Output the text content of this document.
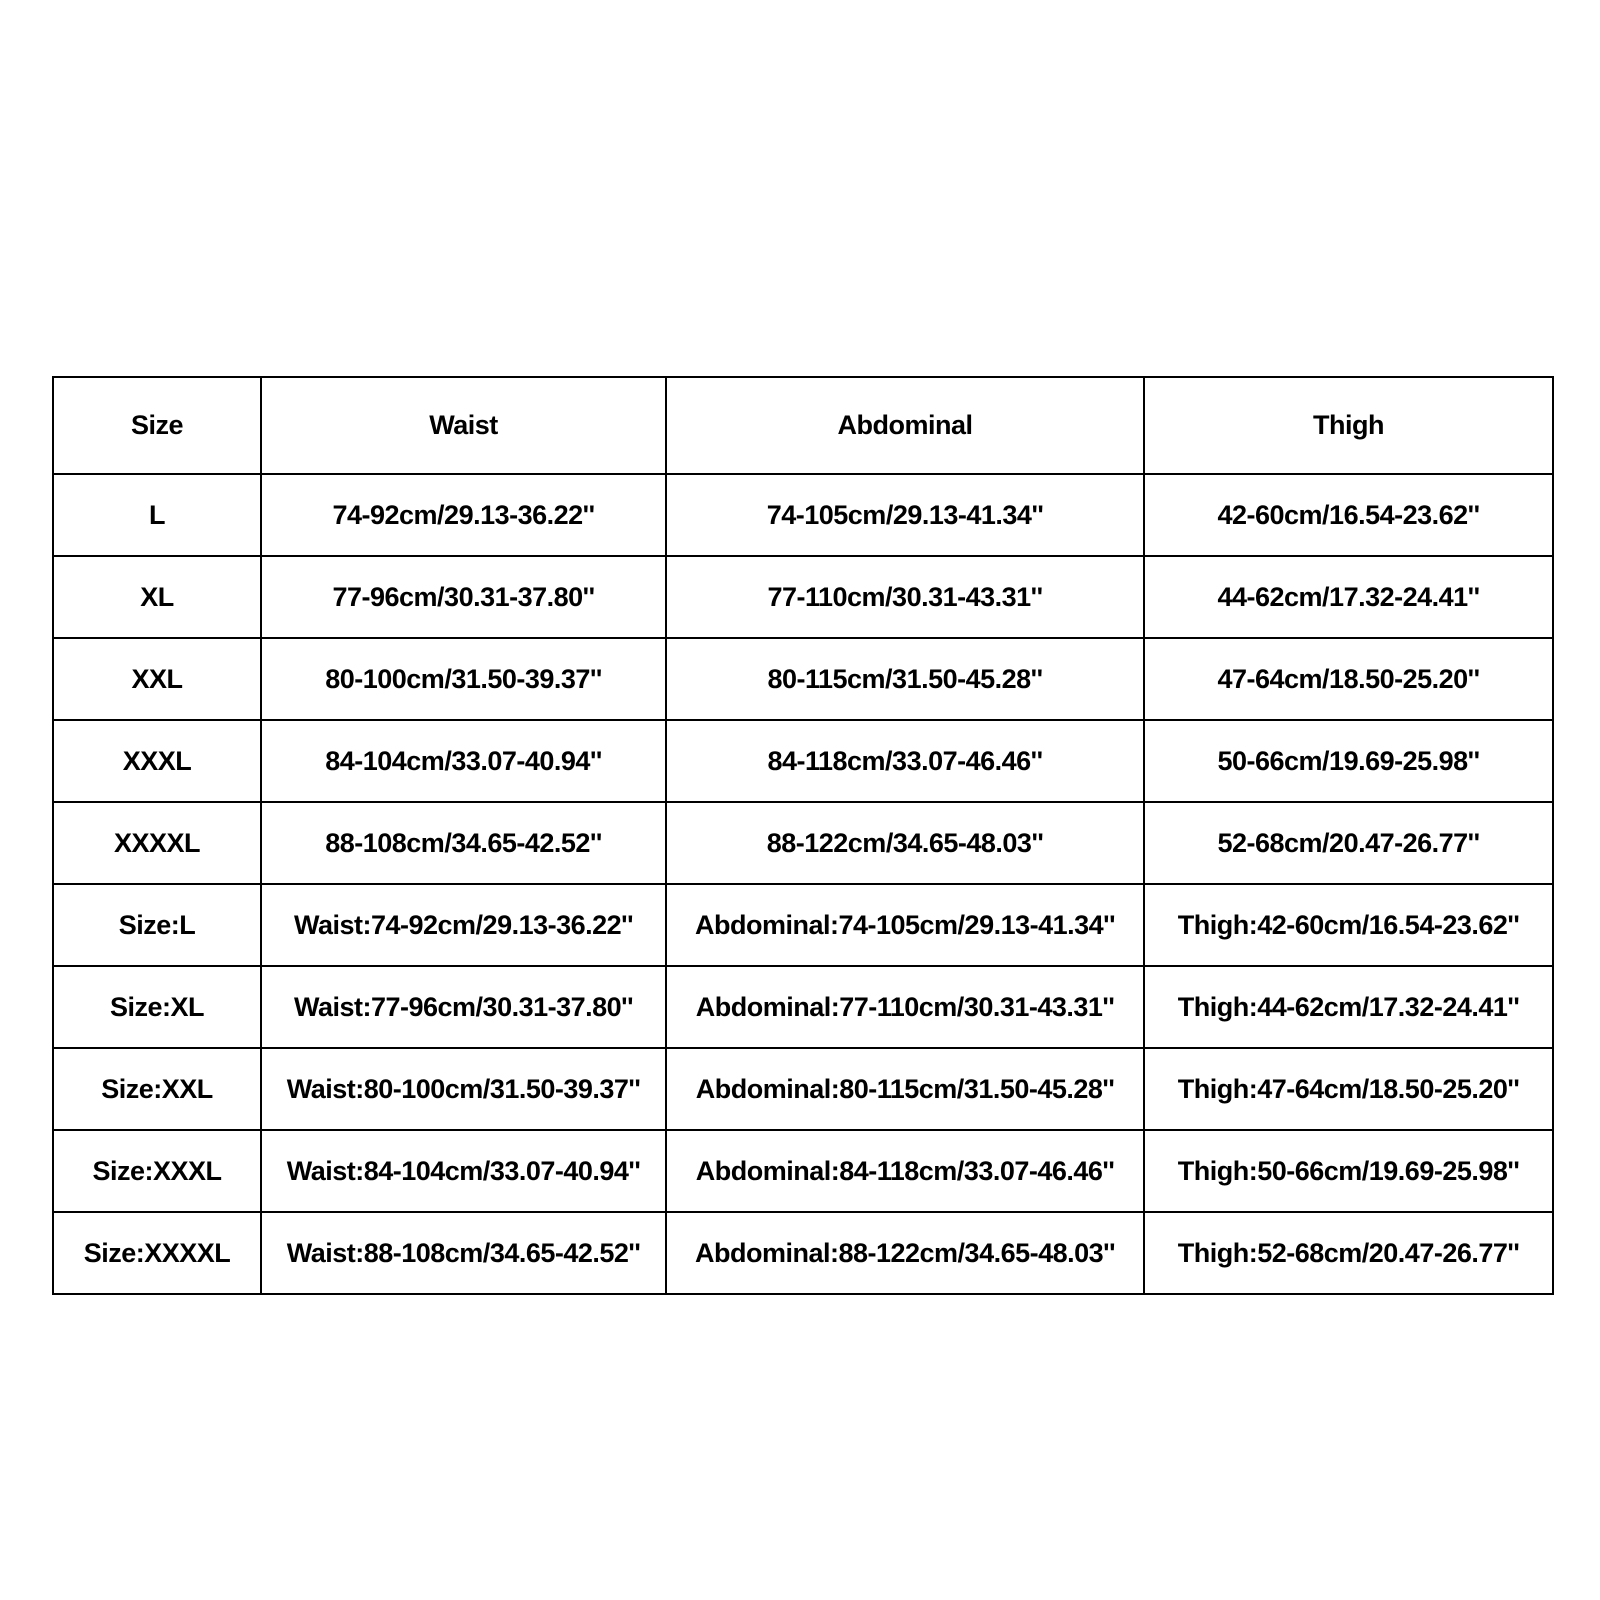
Size	Waist	Abdominal	Thigh
L	74-92cm/29.13-36.22''	74-105cm/29.13-41.34''	42-60cm/16.54-23.62''
XL	77-96cm/30.31-37.80''	77-110cm/30.31-43.31''	44-62cm/17.32-24.41''
XXL	80-100cm/31.50-39.37''	80-115cm/31.50-45.28''	47-64cm/18.50-25.20''
XXXL	84-104cm/33.07-40.94''	84-118cm/33.07-46.46''	50-66cm/19.69-25.98''
XXXXL	88-108cm/34.65-42.52''	88-122cm/34.65-48.03''	52-68cm/20.47-26.77''
Size:L	Waist:74-92cm/29.13-36.22''	Abdominal:74-105cm/29.13-41.34''	Thigh:42-60cm/16.54-23.62''
Size:XL	Waist:77-96cm/30.31-37.80''	Abdominal:77-110cm/30.31-43.31''	Thigh:44-62cm/17.32-24.41''
Size:XXL	Waist:80-100cm/31.50-39.37''	Abdominal:80-115cm/31.50-45.28''	Thigh:47-64cm/18.50-25.20''
Size:XXXL	Waist:84-104cm/33.07-40.94''	Abdominal:84-118cm/33.07-46.46''	Thigh:50-66cm/19.69-25.98''
Size:XXXXL	Waist:88-108cm/34.65-42.52''	Abdominal:88-122cm/34.65-48.03''	Thigh:52-68cm/20.47-26.77''
